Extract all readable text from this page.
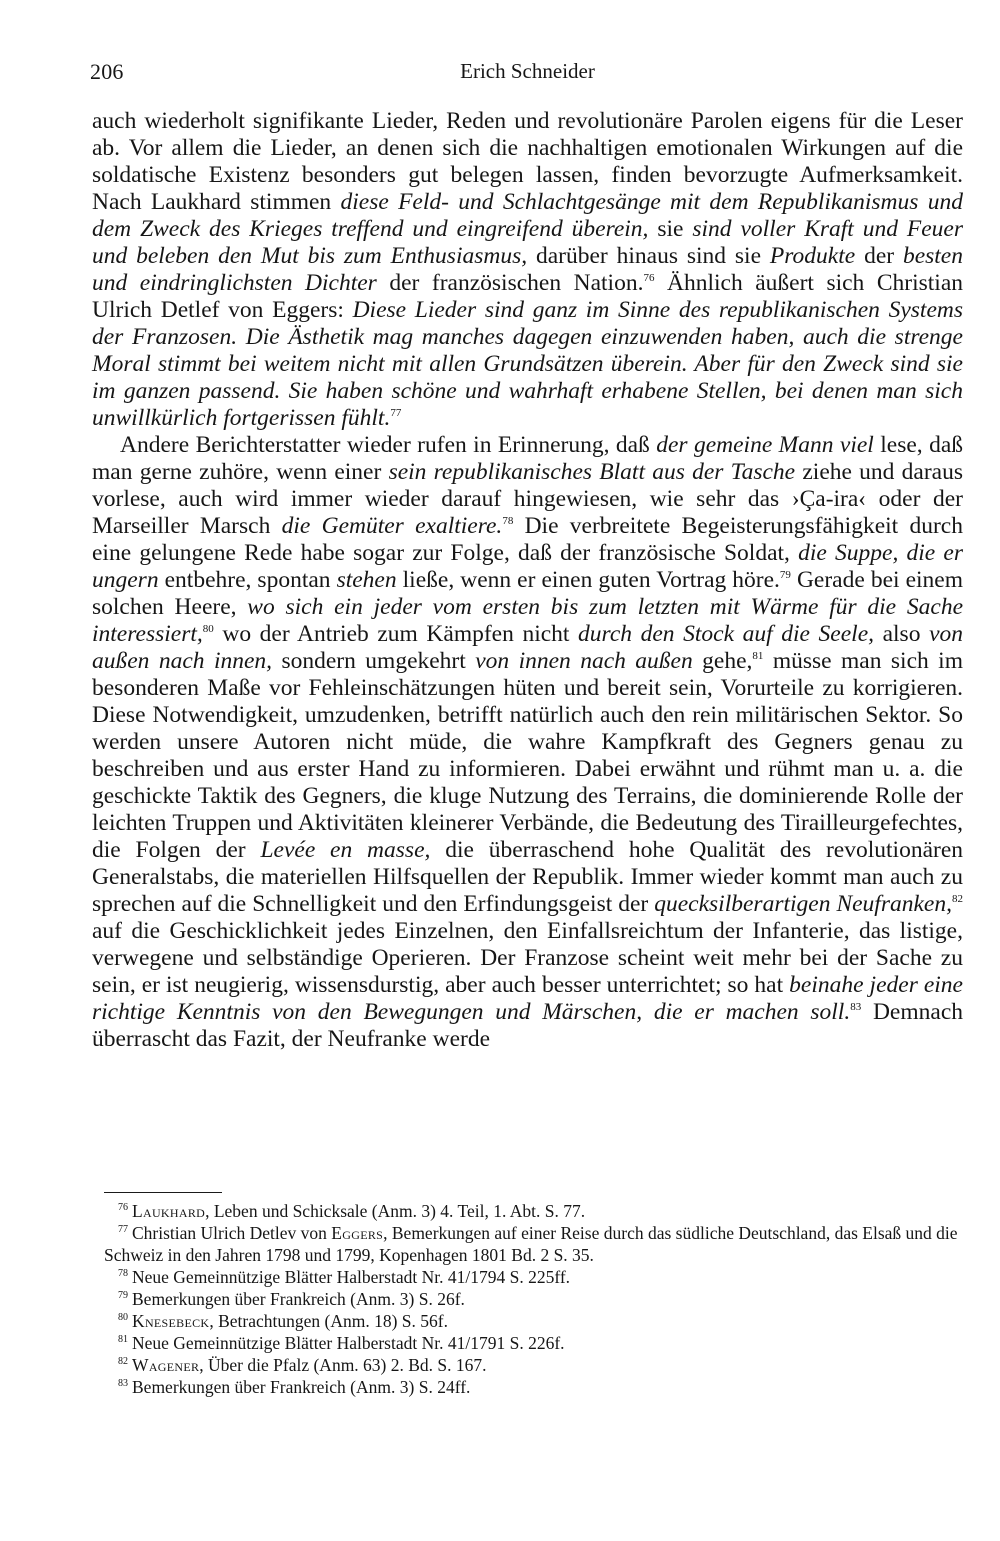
206	Erich Schneider

auch wiederholt signifikante Lieder, Reden und revolutionäre Parolen eigens für die Leser ab. Vor allem die Lieder, an denen sich die nachhaltigen emotionalen Wirkungen auf die soldatische Existenz besonders gut belegen lassen, finden bevorzugte Aufmerksamkeit. Nach Laukhard stimmen diese Feld- und Schlachtgesänge mit dem Republikanismus und dem Zweck des Krieges treffend und eingreifend überein, sie sind voller Kraft und Feuer und beleben den Mut bis zum Enthusiasmus, darüber hinaus sind sie Produkte der besten und eindringlichsten Dichter der französischen Nation.$^{76}$ Ähnlich äußert sich Christian Ulrich Detlef von Eggers: Diese Lieder sind ganz im Sinne des republikanischen Systems der Franzosen. Die Ästhetik mag manches dagegen einzuwenden haben, auch die strenge Moral stimmt bei weitem nicht mit allen Grundsätzen überein. Aber für den Zweck sind sie im ganzen passend. Sie haben schöne und wahrhaft erhabene Stellen, bei denen man sich unwillkürlich fortgerissen fühlt.$^{77}$

Andere Berichterstatter wieder rufen in Erinnerung, daß der gemeine Mann viel lese, daß man gerne zuhöre, wenn einer sein republikanisches Blatt aus der Tasche ziehe und daraus vorlese, auch wird immer wieder darauf hingewiesen, wie sehr das ›Ça-ira‹ oder der Marseiller Marsch die Gemüter exaltiere.$^{78}$ Die verbreitete Begeisterungsfähigkeit durch eine gelungene Rede habe sogar zur Folge, daß der französische Soldat, die Suppe, die er ungern entbehre, spontan stehen ließe, wenn er einen guten Vortrag höre.$^{79}$ Gerade bei einem solchen Heere, wo sich ein jeder vom ersten bis zum letzten mit Wärme für die Sache interessiert,$^{80}$ wo der Antrieb zum Kämpfen nicht durch den Stock auf die Seele, also von außen nach innen, sondern umgekehrt von innen nach außen gehe,$^{81}$ müsse man sich im besonderen Maße vor Fehleinschätzungen hüten und bereit sein, Vorurteile zu korrigieren. Diese Notwendigkeit, umzudenken, betrifft natürlich auch den rein militärischen Sektor. So werden unsere Autoren nicht müde, die wahre Kampfkraft des Gegners genau zu beschreiben und aus erster Hand zu informieren. Dabei erwähnt und rühmt man u. a. die geschickte Taktik des Gegners, die kluge Nutzung des Terrains, die dominierende Rolle der leichten Truppen und Aktivitäten kleinerer Verbände, die Bedeutung des Tirailleurgefechtes, die Folgen der Levée en masse, die überraschend hohe Qualität des revolutionären Generalstabs, die materiellen Hilfsquellen der Republik. Immer wieder kommt man auch zu sprechen auf die Schnelligkeit und den Erfindungsgeist der quecksilberartigen Neufranken,$^{82}$ auf die Geschicklichkeit jedes Einzelnen, den Einfallsreichtum der Infanterie, das listige, verwegene und selbständige Operieren. Der Franzose scheint weit mehr bei der Sache zu sein, er ist neugierig, wissensdurstig, aber auch besser unterrichtet; so hat beinahe jeder eine richtige Kenntnis von den Bewegungen und Märschen, die er machen soll.$^{83}$ Demnach überrascht das Fazit, der Neufranke werde

$^{76}$ Laukhard, Leben und Schicksale (Anm. 3) 4. Teil, 1. Abt. S. 77.

$^{77}$ Christian Ulrich Detlev von Eggers, Bemerkungen auf einer Reise durch das südliche Deutschland, das Elsaß und die Schweiz in den Jahren 1798 und 1799, Kopenhagen 1801 Bd. 2 S. 35.

$^{78}$ Neue Gemeinnützige Blätter Halberstadt Nr. 41/1794 S. 225ff.

$^{79}$ Bemerkungen über Frankreich (Anm. 3) S. 26f.

$^{80}$ Knesebeck, Betrachtungen (Anm. 18) S. 56f.

$^{81}$ Neue Gemeinnützige Blätter Halberstadt Nr. 41/1791 S. 226f.

$^{82}$ Wagener, Über die Pfalz (Anm. 63) 2. Bd. S. 167.

$^{83}$ Bemerkungen über Frankreich (Anm. 3) S. 24ff.
